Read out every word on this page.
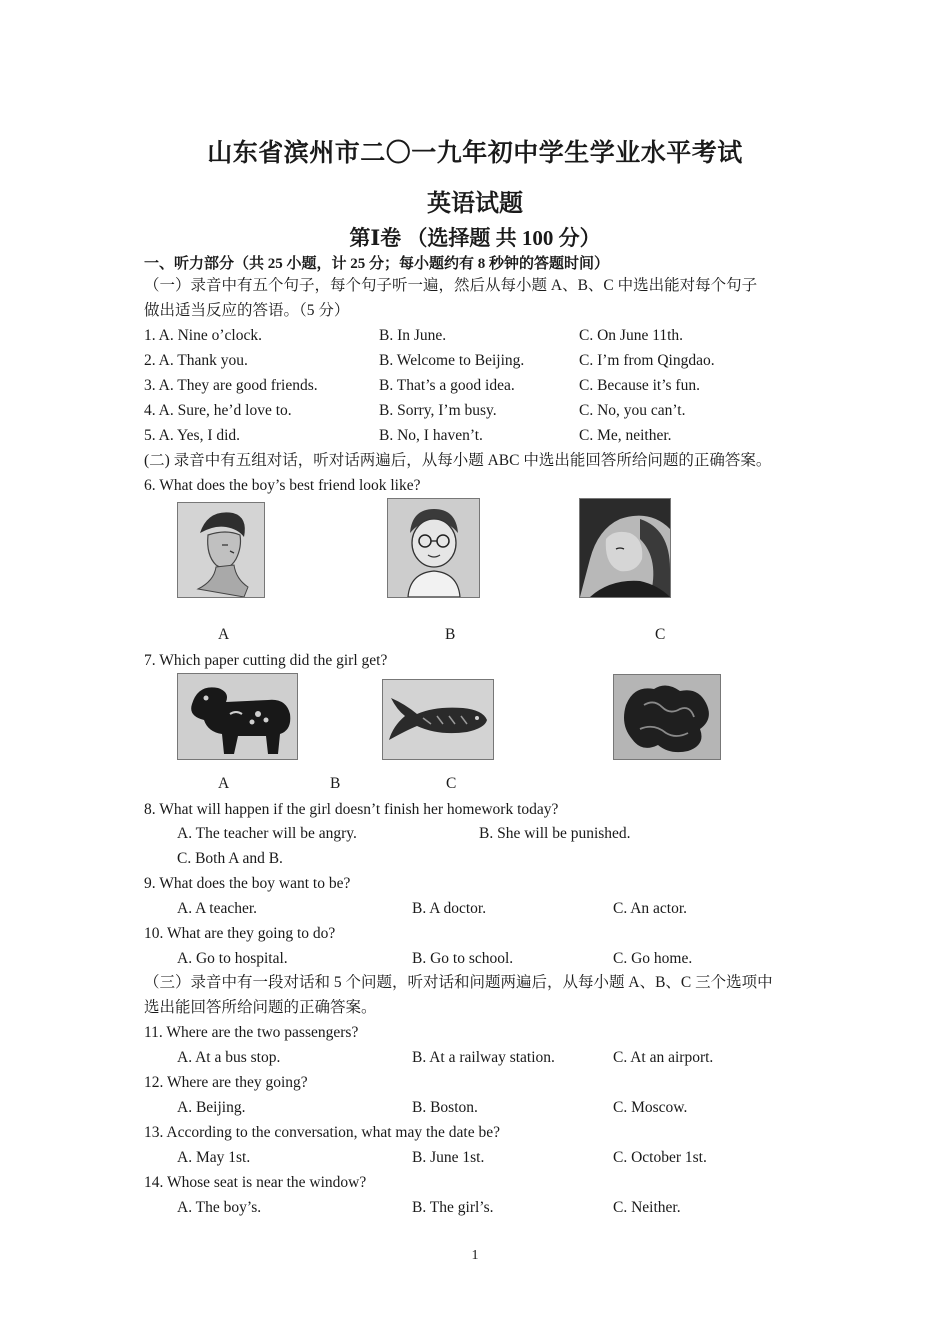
山东省滨州市二〇一九年初中学生学业水平考试
英语试题
第Ⅰ卷 （选择题 共 100 分）
一、听力部分（共 25 小题，计 25 分；每小题约有 8 秒钟的答题时间）
（一）录音中有五个句子，每个句子听一遍，然后从每小题 A、B、C 中选出能对每个句子
做出适当反应的答语。（5 分）
1. A. Nine o’clock.	B. In June.	C. On June 11th.
2. A. Thank you.	B. Welcome to Beijing.	C. I’m from Qingdao.
3. A. They are good friends.	B. That’s a good idea.	C. Because it’s fun.
4. A. Sure, he’d love to.	B. Sorry, I’m busy.	C. No, you can’t.
5. A. Yes, I did.	B. No, I haven’t.	C. Me, neither.
(二) 录音中有五组对话，听对话两遍后，从每小题 ABC 中选出能回答所给问题的正确答案。
6. What does the boy’s best friend look like?
A	B	C
7. Which paper cutting did the girl get?
A	B	C
8. What will happen if the girl doesn’t finish her homework today?
A. The teacher will be angry.	B. She will be punished.
C. Both A and B.
9. What does the boy want to be?
A. A teacher.	B. A doctor.	C. An actor.
10. What are they going to do?
A. Go to hospital.	B. Go to school.	C. Go home.
（三）录音中有一段对话和 5 个问题，听对话和问题两遍后，从每小题 A、B、C 三个选项中
选出能回答所给问题的正确答案。
11. Where are the two passengers?
A. At a bus stop.	B. At a railway station.	C. At an airport.
12. Where are they going?
A. Beijing.	B. Boston.	C. Moscow.
13. According to the conversation, what may the date be?
A. May 1st.	B. June 1st.	C. October 1st.
14. Whose seat is near the window?
A. The boy’s.	B. The girl’s.	C. Neither.
1
